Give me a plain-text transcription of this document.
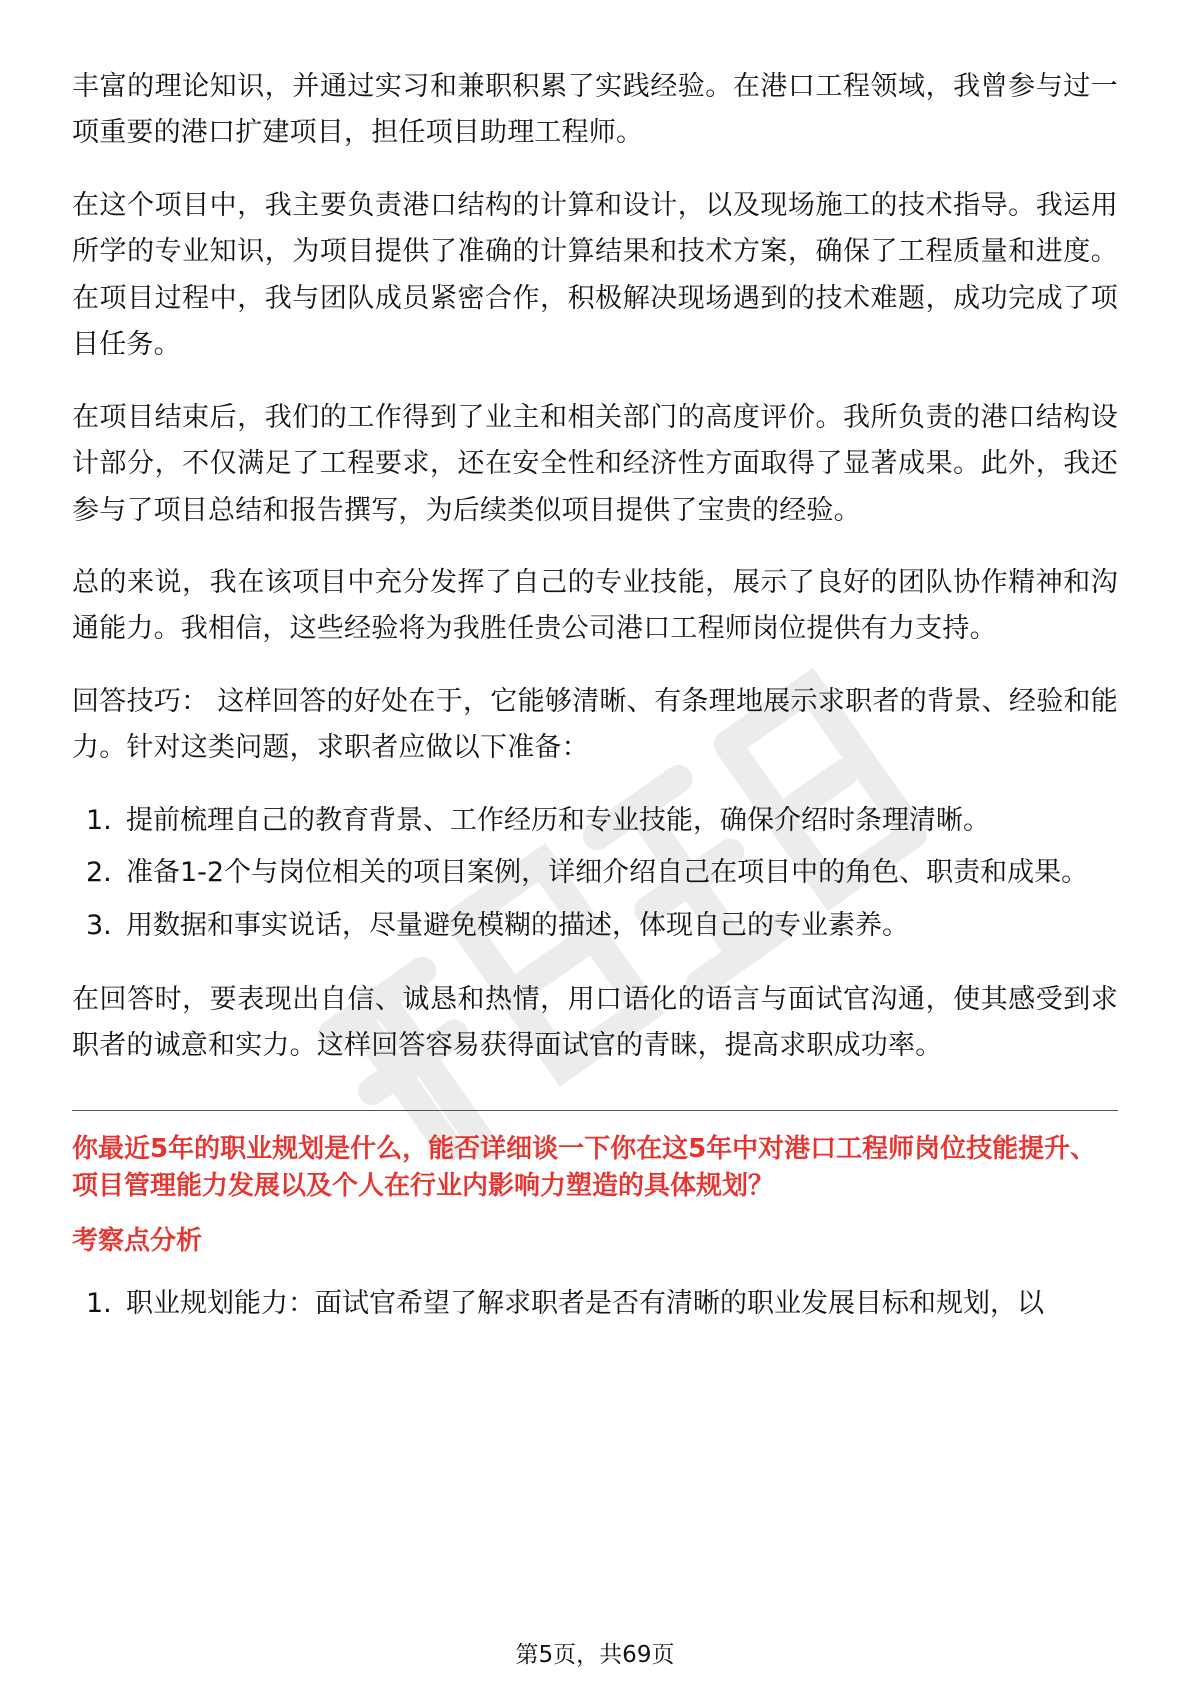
丰富的理论知识，并通过实习和兼职积累了实践经验。在港口工程领域，我曾参与过一项重要的港口扩建项目，担任项目助理工程师。

在这个项目中，我主要负责港口结构的计算和设计，以及现场施工的技术指导。我运用所学的专业知识，为项目提供了准确的计算结果和技术方案，确保了工程质量和进度。在项目过程中，我与团队成员紧密合作，积极解决现场遇到的技术难题，成功完成了项目任务。

在项目结束后，我们的工作得到了业主和相关部门的高度评价。我所负责的港口结构设计部分，不仅满足了工程要求，还在安全性和经济性方面取得了显著成果。此外，我还参与了项目总结和报告撰写，为后续类似项目提供了宝贵的经验。

总的来说，我在该项目中充分发挥了自己的专业技能，展示了良好的团队协作精神和沟通能力。我相信，这些经验将为我胜任贵公司港口工程师岗位提供有力支持。

回答技巧： 这样回答的好处在于，它能够清晰、有条理地展示求职者的背景、经验和能力。针对这类问题，求职者应做以下准备：

1. 提前梳理自己的教育背景、工作经历和专业技能，确保介绍时条理清晰。
2. 准备1-2个与岗位相关的项目案例，详细介绍自己在项目中的角色、职责和成果。
3. 用数据和事实说话，尽量避免模糊的描述，体现自己的专业素养。

在回答时，要表现出自信、诚恳和热情，用口语化的语言与面试官沟通，使其感受到求职者的诚意和实力。这样回答容易获得面试官的青睐，提高求职成功率。

你最近5年的职业规划是什么，能否详细谈一下你在这5年中对港口工程师岗位技能提升、项目管理能力发展以及个人在行业内影响力塑造的具体规划？
考察点分析
1. 职业规划能力：面试官希望了解求职者是否有清晰的职业发展目标和规划，以
第5页，共69页
